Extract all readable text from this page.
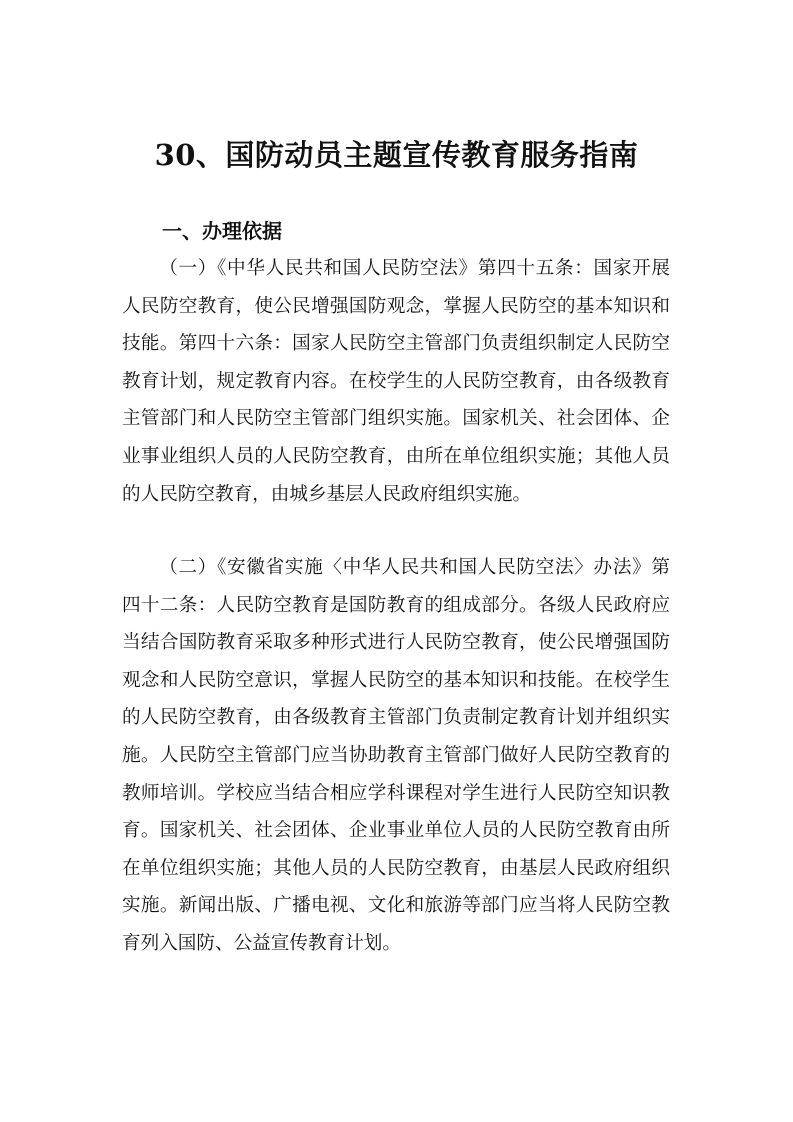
30、国防动员主题宣传教育服务指南
一、办理依据

（一）《中华人民共和国人民防空法》第四十五条：国家开展人民防空教育，使公民增强国防观念，掌握人民防空的基本知识和技能。第四十六条：国家人民防空主管部门负责组织制定人民防空教育计划，规定教育内容。在校学生的人民防空教育，由各级教育主管部门和人民防空主管部门组织实施。国家机关、社会团体、企业事业组织人员的人民防空教育，由所在单位组织实施；其他人员的人民防空教育，由城乡基层人民政府组织实施。

（二）《安徽省实施〈中华人民共和国人民防空法〉办法》第四十二条：人民防空教育是国防教育的组成部分。各级人民政府应当结合国防教育采取多种形式进行人民防空教育，使公民增强国防观念和人民防空意识，掌握人民防空的基本知识和技能。在校学生的人民防空教育，由各级教育主管部门负责制定教育计划并组织实施。人民防空主管部门应当协助教育主管部门做好人民防空教育的教师培训。学校应当结合相应学科课程对学生进行人民防空知识教育。国家机关、社会团体、企业事业单位人员的人民防空教育由所在单位组织实施；其他人员的人民防空教育，由基层人民政府组织实施。新闻出版、广播电视、文化和旅游等部门应当将人民防空教育列入国防、公益宣传教育计划。
